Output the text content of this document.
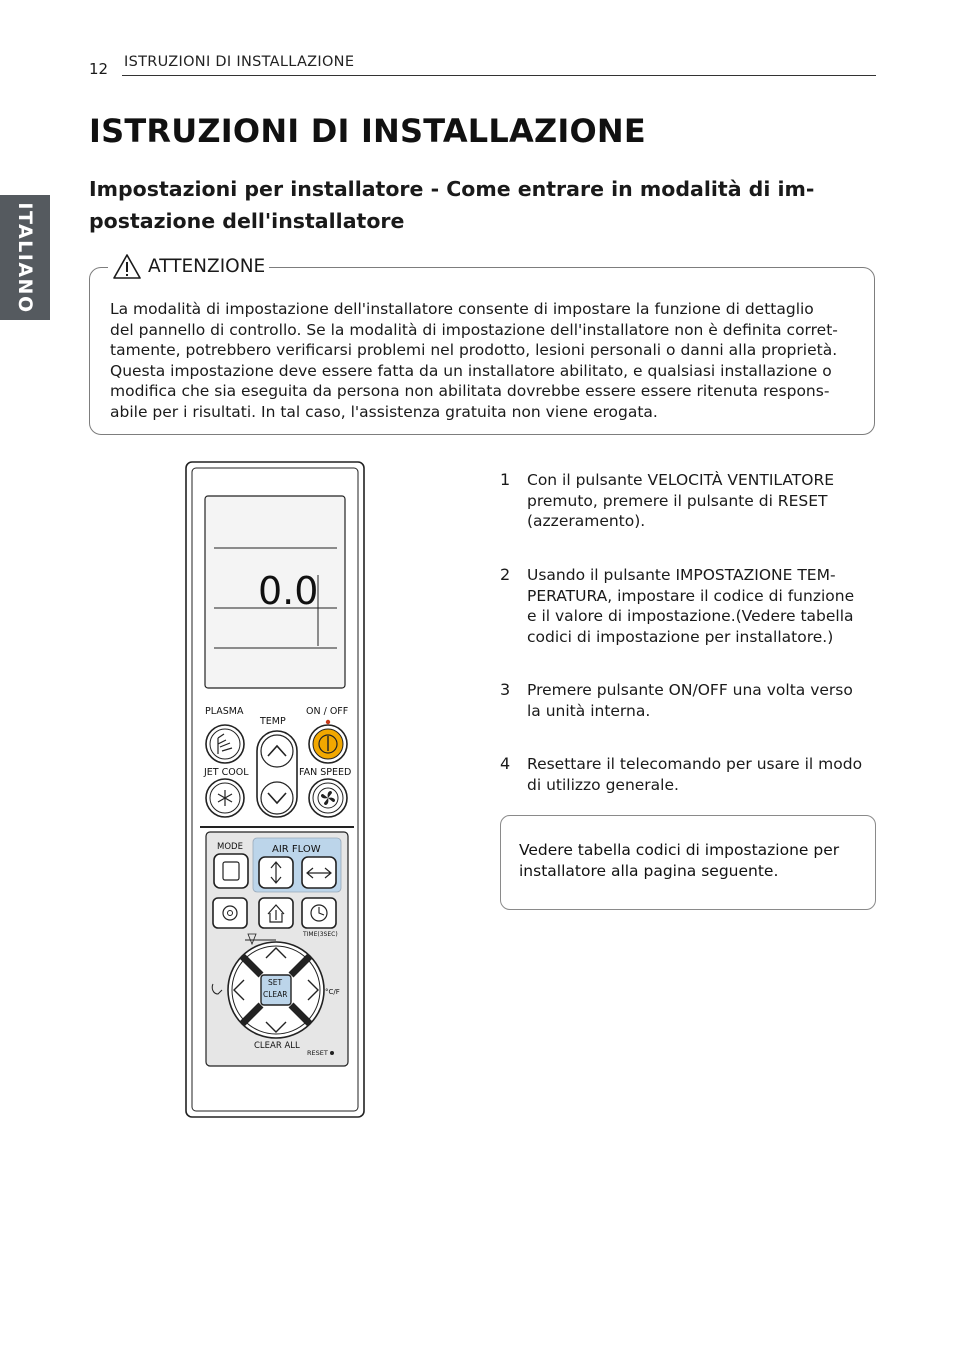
12 ISTRUZIONI DI INSTALLAZIONE
ITALIANO
ISTRUZIONI DI INSTALLAZIONE
Impostazioni per installatore - Come entrare in modalità di im-
postazione dell'installatore
ATTENZIONE
La modalità di impostazione dell'installatore consente di impostare la funzione di dettaglio
del pannello di controllo. Se la modalità di impostazione dell'installatore non è definita corret-
tamente, potrebbero verificarsi problemi nel prodotto, lesioni personali o danni alla proprietà.
Questa impostazione deve essere fatta da un installatore abilitato, e qualsiasi installazione o
modifica che sia eseguita da persona non abilitata dovrebbe essere essere ritenuta respons-
abile per i risultati. In tal caso, l'assistenza gratuita non viene erogata.
0.0
PLASMA
TEMP
ON / OFF
JET COOL	FAN SPEED
MODE	AIR FLOW
TIME(3SEC)
SET
CLEAR	°C/F
CLEAR ALL
RESET
1	Con il pulsante VELOCITÀ VENTILATORE
premuto, premere il pulsante di RESET
(azzeramento).
2	Usando il pulsante IMPOSTAZIONE TEM-
PERATURA, impostare il codice di funzione
e il valore di impostazione.(Vedere tabella
codici di impostazione per installatore.)
3	Premere pulsante ON/OFF una volta verso
la unità interna.
4	Resettare il telecomando per usare il modo
di utilizzo generale.
Vedere tabella codici di impostazione per
installatore alla pagina seguente.
